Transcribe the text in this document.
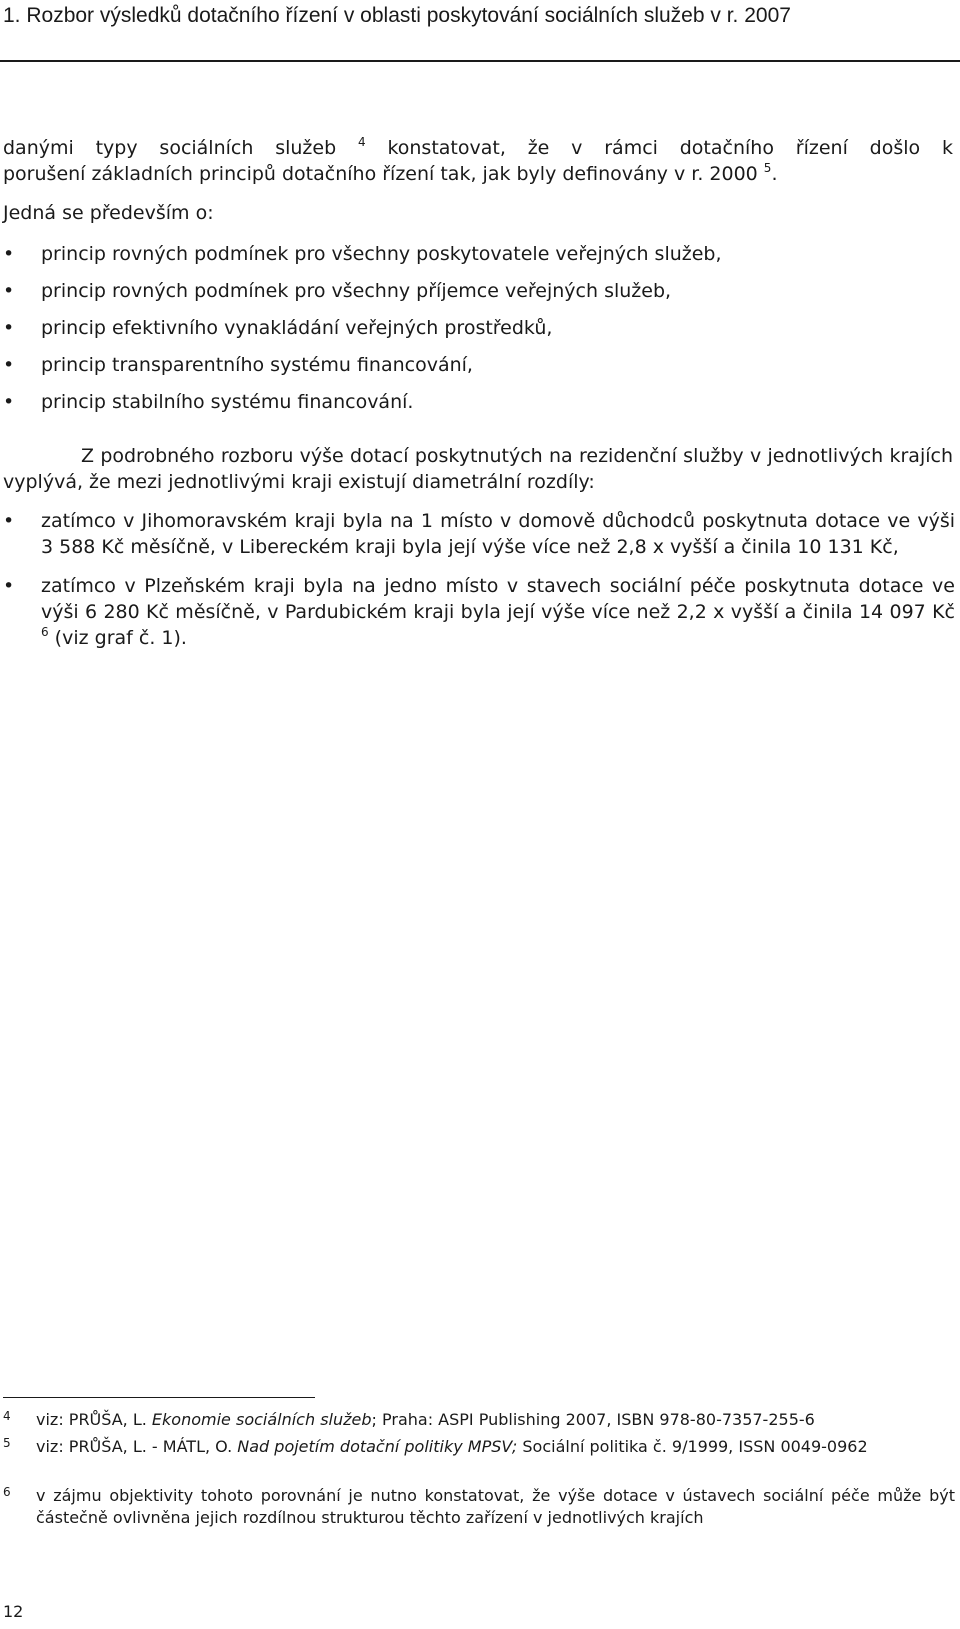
1. Rozbor výsledků dotačního řízení v oblasti poskytování sociálních služeb v r. 2007

danými typy sociálních služeb $^4$ konstatovat, že v rámci dotačního řízení došlo k

porušení základních principů dotačního řízení tak, jak byly definovány v r. 2000 $^5$.

Jedná se především o:

• princip rovných podmínek pro všechny poskytovatele veřejných služeb,
• princip rovných podmínek pro všechny příjemce veřejných služeb,
• princip efektivního vynakládání veřejných prostředků,
• princip transparentního systému financování,
• princip stabilního systému financování.

Z podrobného rozboru výše dotací poskytnutých na rezidenční služby v jednotlivých krajích vyplývá, že mezi jednotlivými kraji existují diametrální rozdíly:

• zatímco v Jihomoravském kraji byla na 1 místo v domově důchodců poskytnuta dotace ve výši 3 588 Kč měsíčně, v Libereckém kraji byla její výše více než 2,8 x vyšší a činila 10 131 Kč,
• zatímco v Plzeňském kraji byla na jedno místo v stavech sociální péče poskytnuta dotace ve výši 6 280 Kč měsíčně, v Pardubickém kraji byla její výše více než 2,2 x vyšší a činila 14 097 Kč $^6$ (viz graf č. 1).
4 viz: PRŮŠA, L. Ekonomie sociálních služeb; Praha: ASPI Publishing 2007, ISBN 978-80-7357-255-6
5 viz: PRŮŠA, L. - MÁTL, O. Nad pojetím dotační politiky MPSV; Sociální politika č. 9/1999, ISSN 0049-0962
6 v zájmu objektivity tohoto porovnání je nutno konstatovat, že výše dotace v ústavech sociální péče může být částečně ovlivněna jejich rozdílnou strukturou těchto zařízení v jednotlivých krajích
12
